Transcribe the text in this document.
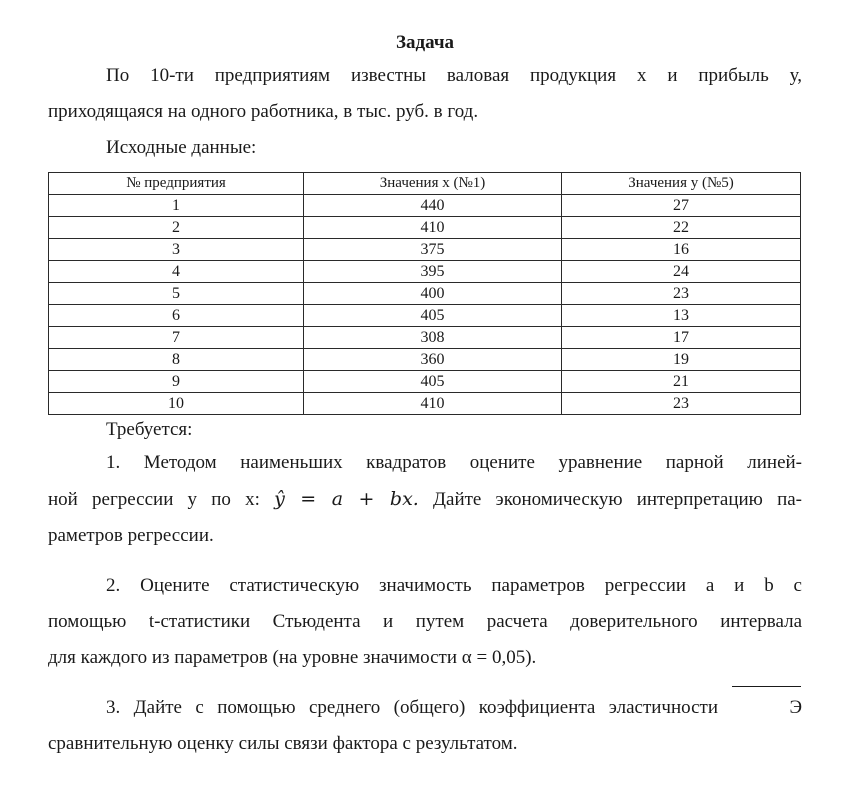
Задача

По 10-ти предприятиям известны валовая продукция х и прибыль у,

приходящаяся на одного работника, в тыс. руб. в год.

Исходные данные:

№ предприятия	Значения х (№1)	Значения у (№5)
1	440	27
2	410	22
3	375	16
4	395	24
5	400	23
6	405	13
7	308	17
8	360	19
9	405	21
10	410	23

Требуется:

1. Методом наименьших квадратов оцените уравнение парной линей-

ной регрессии у по х: ŷ = a + bx. Дайте экономическую интерпретацию па-

раметров регрессии.

2. Оцените статистическую значимость параметров регрессии a и b с

помощью t-статистики Стьюдента и путем расчета доверительного интервала

для каждого из параметров (на уровне значимости α = 0,05).

3. Дайте с помощью среднего (общего) коэффициента эластичности	Э

сравнительную оценку силы связи фактора с результатом.
